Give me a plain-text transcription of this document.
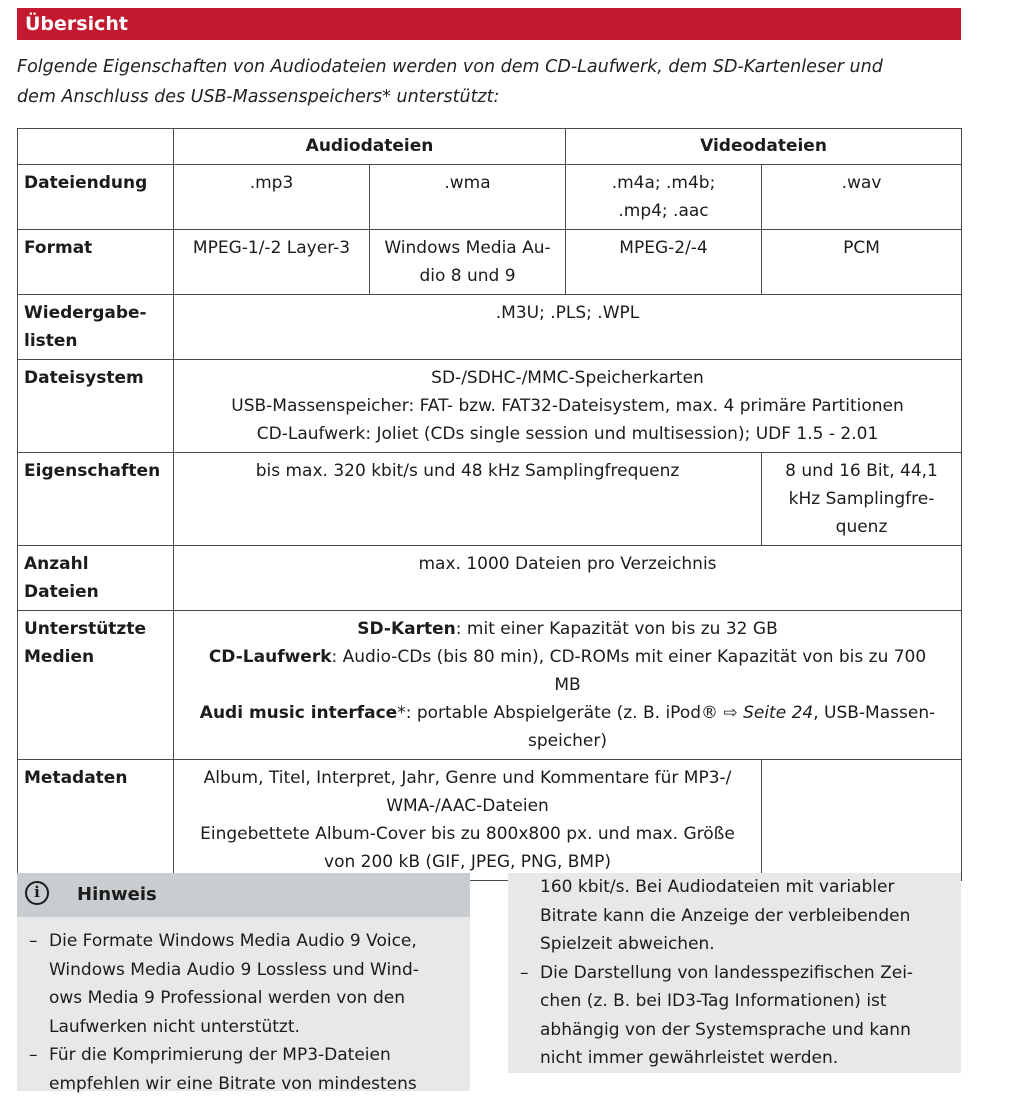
Übersicht
Folgende Eigenschaften von Audiodateien werden von dem CD-Laufwerk, dem SD-Kartenleser und
dem Anschluss des USB-Massenspeichers* unterstützt:
	Audiodateien		Videodateien	
Dateiendung	.mp3	.wma	.m4a; .m4b;
.mp4; .aac	.wav
Format	MPEG-1/-2 Layer-3	Windows Media Au-
dio 8 und 9	MPEG-2/-4	PCM

Wiedergabe-
listen	.M3U; .PLS; .WPL			
Dateisystem	SD-/SDHC-/MMC-Speicherkarten
USB-Massenspeicher: FAT- bzw. FAT32-Dateisystem, max. 4 primäre Partitionen
CD-Laufwerk: Joliet (CDs single session und multisession); UDF 1.5 - 2.01			

Eigenschaften	bis max. 320 kbit/s und 48 kHz Samplingfrequenz			8 und 16 Bit, 44,1
kHz Samplingfre-
quenz

Anzahl
Dateien	max. 1000 Dateien pro Verzeichnis			

Unterstützte
Medien	SD-Karten: mit einer Kapazität von bis zu 32 GB
CD-Laufwerk: Audio-CDs (bis 80 min), CD-ROMs mit einer Kapazität von bis zu 700
MB
Audi music interface*: portable Abspielgeräte (z. B. iPod® ⇨ Seite 24, USB-Massen-
speicher)			

Metadaten	Album, Titel, Interpret, Jahr, Genre und Kommentare für MP3-/
WMA-/AAC-Dateien
Eingebettete Album-Cover bis zu 800x800 px. und max. Größe
von 200 kB (GIF, JPEG, PNG, BMP)			

i	Hinweis
– Die Formate Windows Media Audio 9 Voice,
Windows Media Audio 9 Lossless und Wind-
ows Media 9 Professional werden von den
Laufwerken nicht unterstützt.
– Für die Komprimierung der MP3-Dateien
empfehlen wir eine Bitrate von mindestens
160 kbit/s. Bei Audiodateien mit variabler
Bitrate kann die Anzeige der verbleibenden
Spielzeit abweichen.
– Die Darstellung von landesspezifischen Zei-
chen (z. B. bei ID3-Tag Informationen) ist
abhängig von der Systemsprache und kann
nicht immer gewährleistet werden.
